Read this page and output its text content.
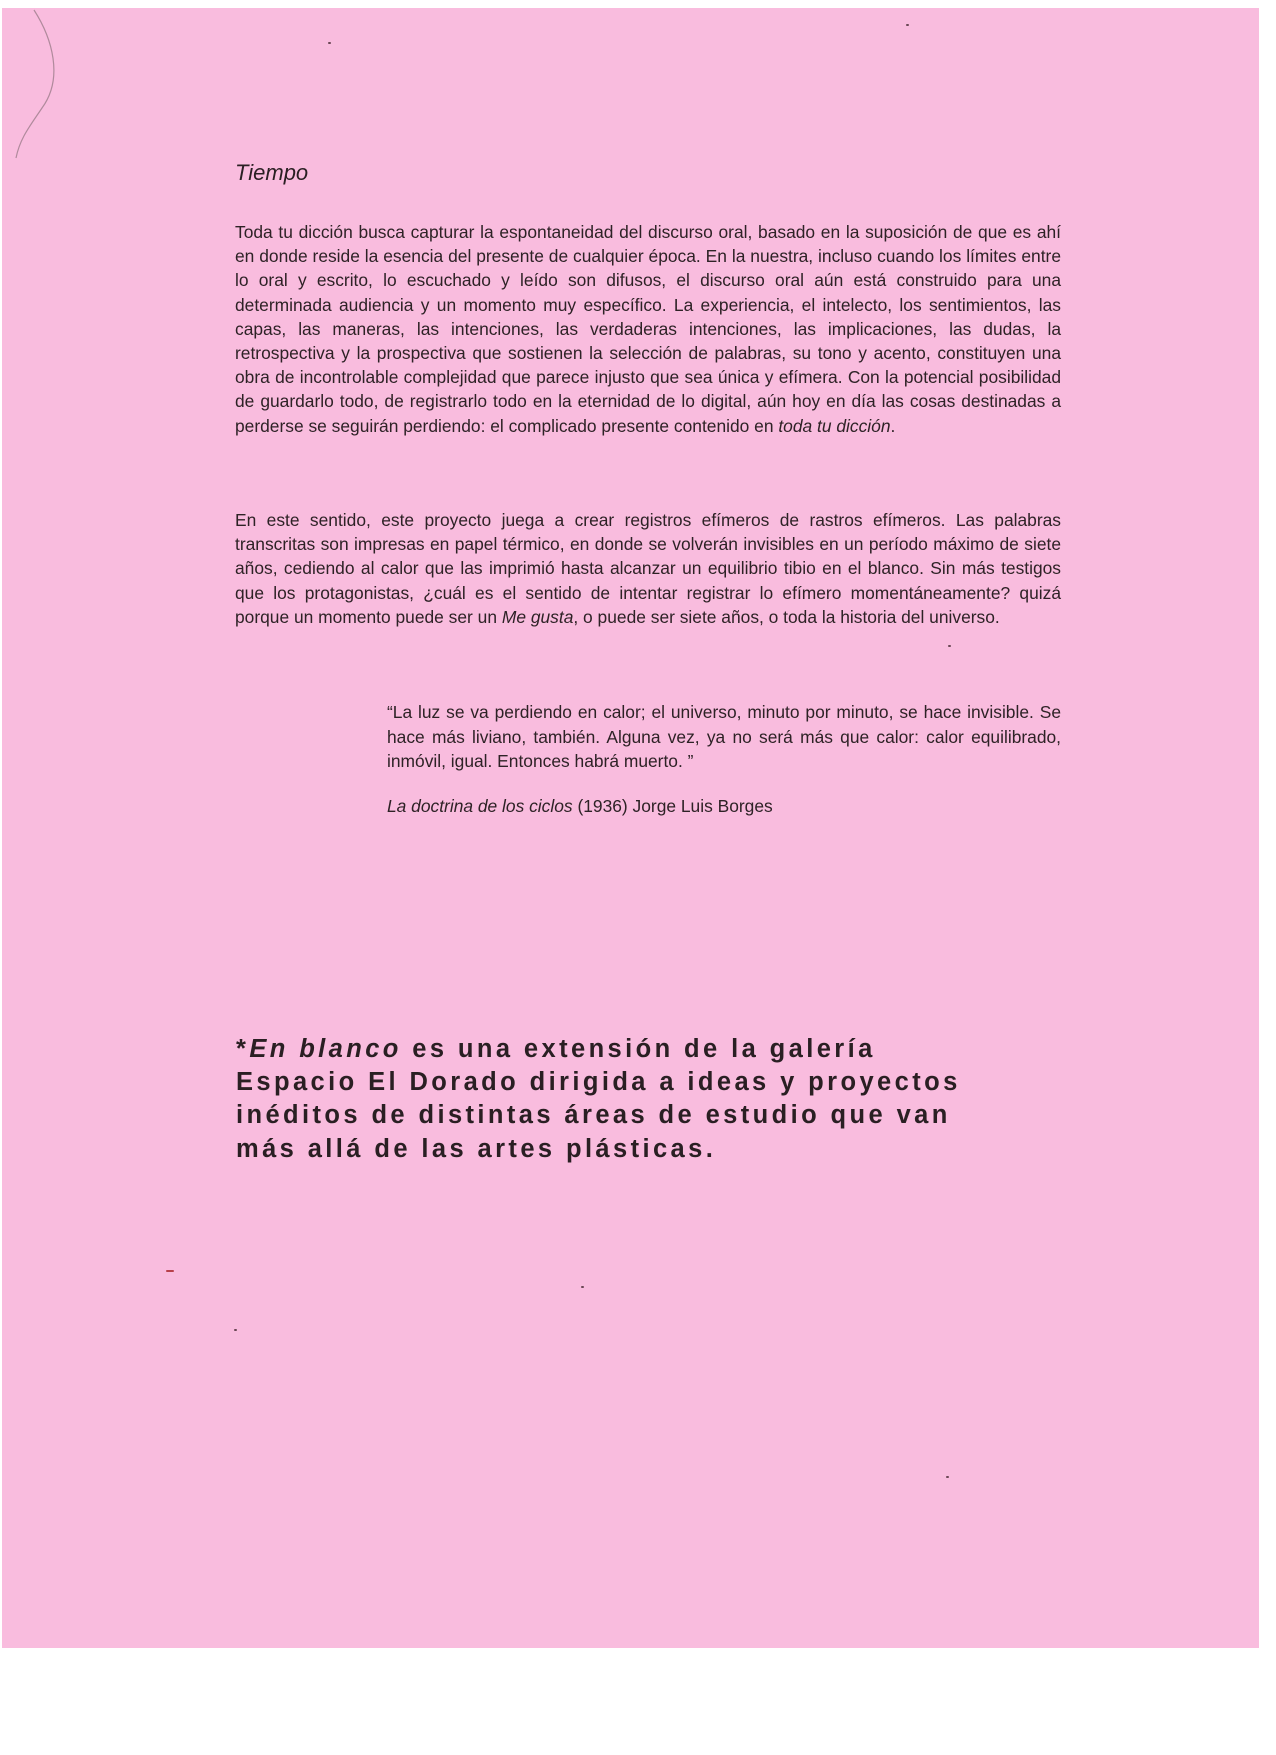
Tiempo

Toda tu dicción busca capturar la espontaneidad del discurso oral, basado en la suposición de que es ahí en donde reside la esencia del presente de cualquier época. En la nuestra, incluso cuando los límites entre lo oral y escrito, lo escuchado y leído son difusos, el discurso oral aún está construido para una determinada audiencia y un momento muy específico. La experiencia, el intelecto, los sentimientos, las capas, las maneras, las intenciones, las verdaderas intenciones, las implicaciones, las dudas, la retrospectiva y la prospectiva que sostienen la selección de palabras, su tono y acento, constituyen una obra de incontrolable complejidad que parece injusto que sea única y efímera. Con la potencial posibilidad de guardarlo todo, de registrarlo todo en la eternidad de lo digital, aún hoy en día las cosas destinadas a perderse se seguirán perdiendo: el complicado presente contenido en toda tu dicción.

En este sentido, este proyecto juega a crear registros efímeros de rastros efímeros. Las palabras transcritas son impresas en papel térmico, en donde se volverán invisibles en un período máximo de siete años, cediendo al calor que las imprimió hasta alcanzar un equilibrio tibio en el blanco. Sin más testigos que los protagonistas, ¿cuál es el sentido de intentar registrar lo efímero momentáneamente? quizá porque un momento puede ser un Me gusta, o puede ser siete años, o toda la historia del universo.

“La luz se va perdiendo en calor; el universo, minuto por minuto, se hace invisible. Se hace más liviano, también. Alguna vez, ya no será más que calor: calor equilibrado, inmóvil, igual. Entonces habrá muerto. ”

La doctrina de los ciclos (1936) Jorge Luis Borges

*En blanco es una extensión de la galería Espacio El Dorado dirigida a ideas y proyectos inéditos de distintas áreas de estudio que van más allá de las artes plásticas.
